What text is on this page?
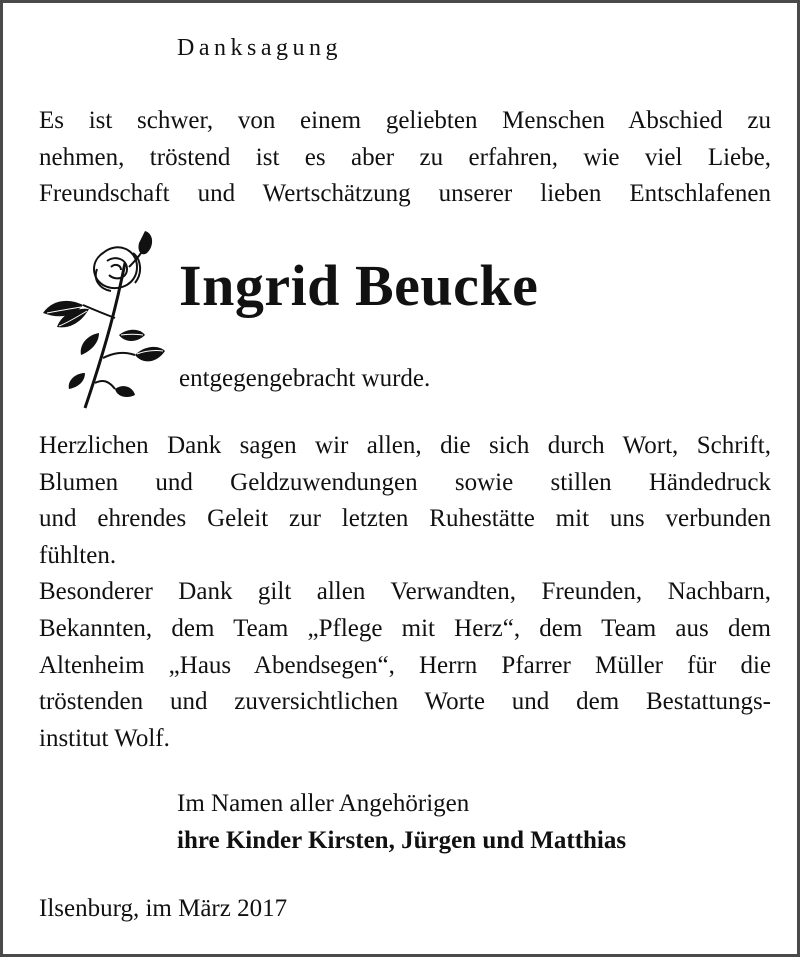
Danksagung
Es ist schwer, von einem geliebten Menschen Abschied zu
nehmen, tröstend ist es aber zu erfahren, wie viel Liebe,
Freundschaft und Wertschätzung unserer lieben Entschlafenen
Ingrid Beucke
entgegengebracht wurde.
Herzlichen Dank sagen wir allen, die sich durch Wort, Schrift,
Blumen und Geldzuwendungen sowie stillen Händedruck
und ehrendes Geleit zur letzten Ruhestätte mit uns verbunden
fühlten.
Besonderer Dank gilt allen Verwandten, Freunden, Nachbarn,
Bekannten, dem Team „Pflege mit Herz“, dem Team aus dem
Altenheim „Haus Abendsegen“, Herrn Pfarrer Müller für die
tröstenden und zuversichtlichen Worte und dem Bestattungs-
institut Wolf.
Im Namen aller Angehörigen
ihre Kinder Kirsten, Jürgen und Matthias
Ilsenburg, im März 2017
